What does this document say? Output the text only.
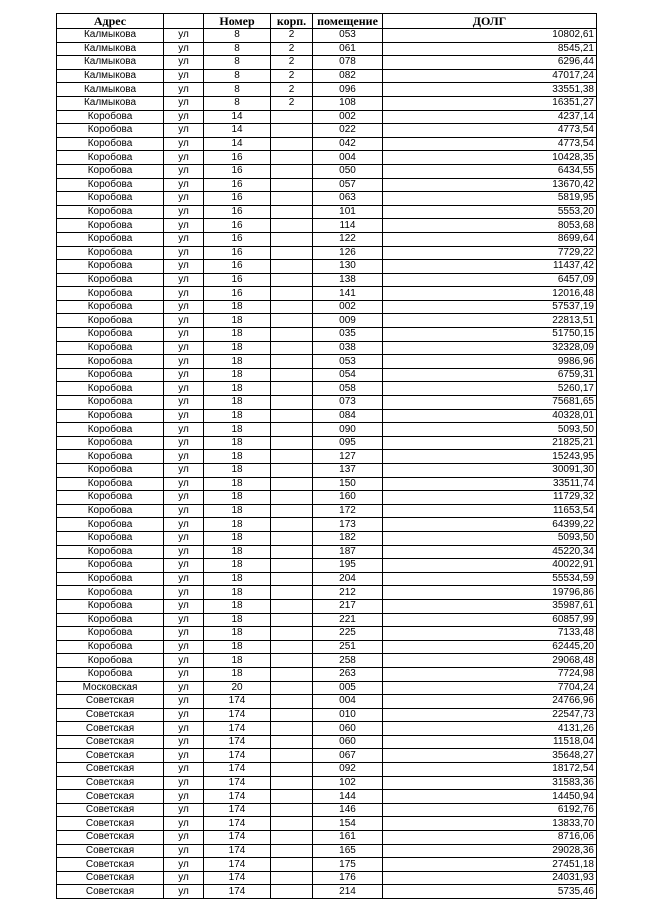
Адрес		Номер	корп.	помещение	ДОЛГ
Калмыкова	ул	8	2	053	10802,61
Калмыкова	ул	8	2	061	8545,21
Калмыкова	ул	8	2	078	6296,44
Калмыкова	ул	8	2	082	47017,24
Калмыкова	ул	8	2	096	33551,38
Калмыкова	ул	8	2	108	16351,27
Коробова	ул	14		002	4237,14
Коробова	ул	14		022	4773,54
Коробова	ул	14		042	4773,54
Коробова	ул	16		004	10428,35
Коробова	ул	16		050	6434,55
Коробова	ул	16		057	13670,42
Коробова	ул	16		063	5819,95
Коробова	ул	16		101	5553,20
Коробова	ул	16		114	8053,68
Коробова	ул	16		122	8699,64
Коробова	ул	16		126	7729,22
Коробова	ул	16		130	11437,42
Коробова	ул	16		138	6457,09
Коробова	ул	16		141	12016,48
Коробова	ул	18		002	57537,19
Коробова	ул	18		009	22813,51
Коробова	ул	18		035	51750,15
Коробова	ул	18		038	32328,09
Коробова	ул	18		053	9986,96
Коробова	ул	18		054	6759,31
Коробова	ул	18		058	5260,17
Коробова	ул	18		073	75681,65
Коробова	ул	18		084	40328,01
Коробова	ул	18		090	5093,50
Коробова	ул	18		095	21825,21
Коробова	ул	18		127	15243,95
Коробова	ул	18		137	30091,30
Коробова	ул	18		150	33511,74
Коробова	ул	18		160	11729,32
Коробова	ул	18		172	11653,54
Коробова	ул	18		173	64399,22
Коробова	ул	18		182	5093,50
Коробова	ул	18		187	45220,34
Коробова	ул	18		195	40022,91
Коробова	ул	18		204	55534,59
Коробова	ул	18		212	19796,86
Коробова	ул	18		217	35987,61
Коробова	ул	18		221	60857,99
Коробова	ул	18		225	7133,48
Коробова	ул	18		251	62445,20
Коробова	ул	18		258	29068,48
Коробова	ул	18		263	7724,98
Московская	ул	20		005	7704,24
Советская	ул	174		004	24766,96
Советская	ул	174		010	22547,73
Советская	ул	174		060	4131,26
Советская	ул	174		060	11518,04
Советская	ул	174		067	35648,27
Советская	ул	174		092	18172,54
Советская	ул	174		102	31583,36
Советская	ул	174		144	14450,94
Советская	ул	174		146	6192,76
Советская	ул	174		154	13833,70
Советская	ул	174		161	8716,06
Советская	ул	174		165	29028,36
Советская	ул	174		175	27451,18
Советская	ул	174		176	24031,93
Советская	ул	174		214	5735,46
